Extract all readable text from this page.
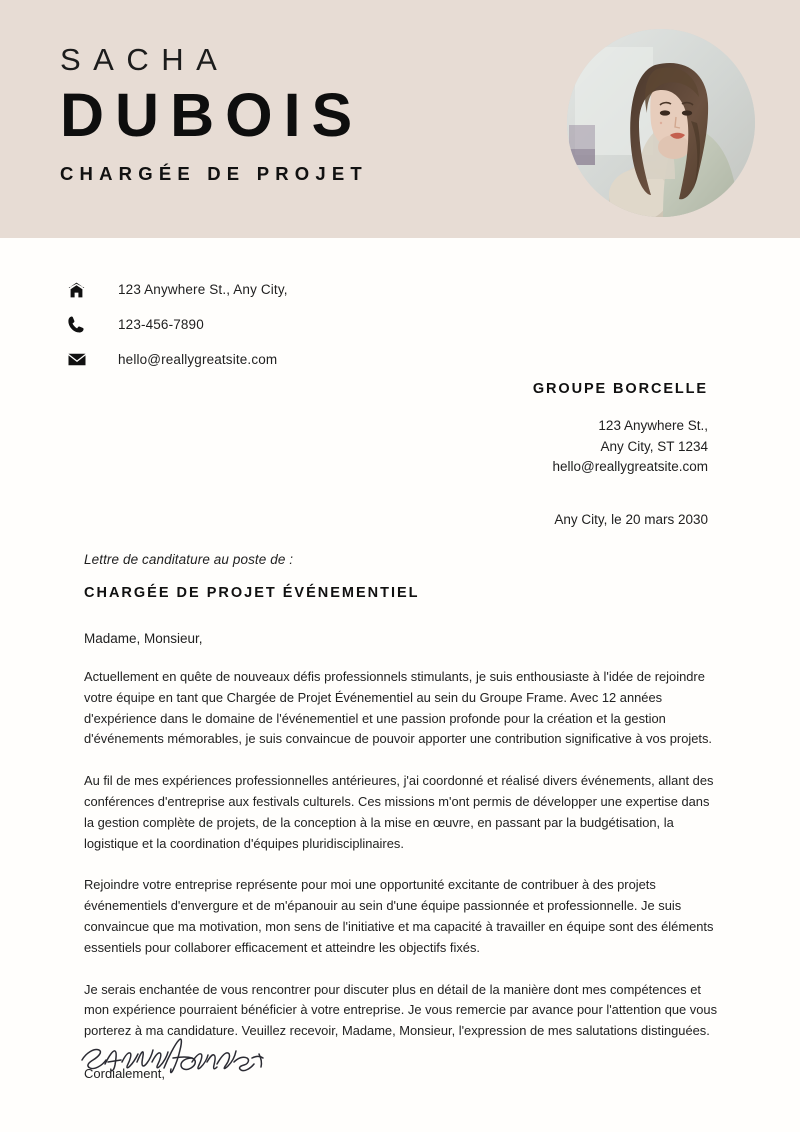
SACHA
DUBOIS
CHARGÉE DE PROJET
123 Anywhere St., Any City,
123-456-7890
hello@reallygreatsite.com
GROUPE BORCELLE
123 Anywhere St.,
Any City, ST 1234
hello@reallygreatsite.com
Any City, le 20 mars 2030
Lettre de canditature au poste de :
CHARGÉE DE PROJET ÉVÉNEMENTIEL
Madame, Monsieur,
Actuellement en quête de nouveaux défis professionnels stimulants, je suis enthousiaste à l'idée de rejoindre votre équipe en tant que Chargée de Projet Événementiel au sein du Groupe Frame. Avec 12 années d'expérience dans le domaine de l'événementiel et une passion profonde pour la création et la gestion d'événements mémorables, je suis convaincue de pouvoir apporter une contribution significative à vos projets.
Au fil de mes expériences professionnelles antérieures, j'ai coordonné et réalisé divers événements, allant des conférences d'entreprise aux festivals culturels. Ces missions m'ont permis de développer une expertise dans la gestion complète de projets, de la conception à la mise en œuvre, en passant par la budgétisation, la logistique et la coordination d'équipes pluridisciplinaires.
Rejoindre votre entreprise représente pour moi une opportunité excitante de contribuer à des projets événementiels d'envergure et de m'épanouir au sein d'une équipe passionnée et professionnelle. Je suis convaincue que ma motivation, mon sens de l'initiative et ma capacité à travailler en équipe sont des éléments essentiels pour collaborer efficacement et atteindre les objectifs fixés.
Je serais enchantée de vous rencontrer pour discuter plus en détail de la manière dont mes compétences et mon expérience pourraient bénéficier à votre entreprise. Je vous remercie par avance pour l'attention que vous porterez à ma candidature. Veuillez recevoir, Madame, Monsieur, l'expression de mes salutations distinguées.
Cordialement,
